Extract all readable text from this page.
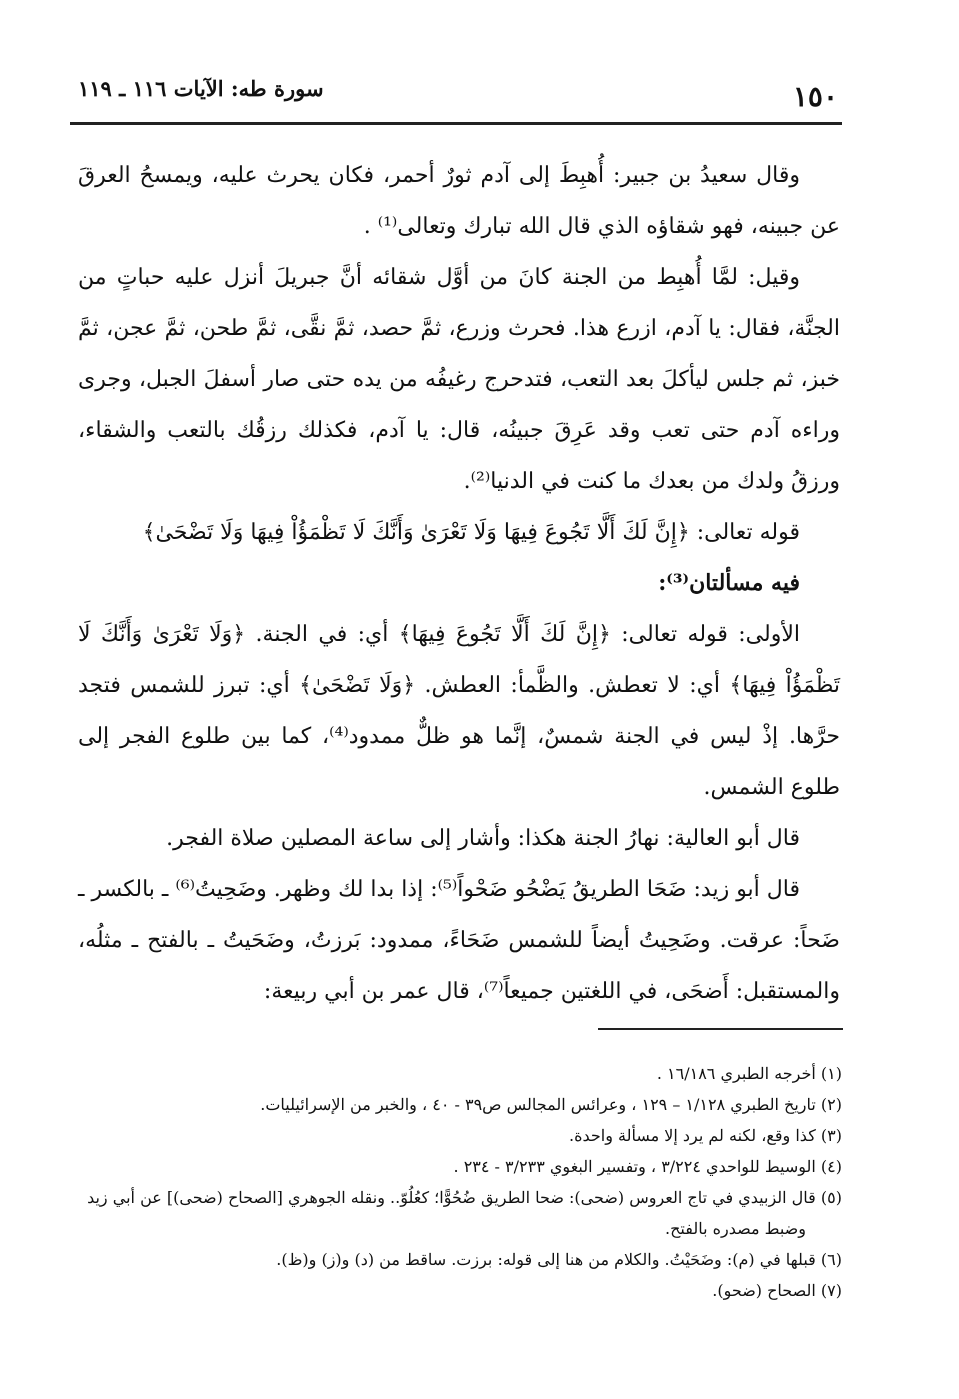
١٥٠
سورة طه: الآيات ١١٦ ـ ١١٩

وقال سعيدُ بن جبير: أُهبِطَ إلى آدم ثورٌ أحمر، فكان يحرث عليه، ويمسحُ العرقَ عن جبينه، فهو شقاؤه الذي قال الله تبارك وتعالى⁽¹⁾ .

وقيل: لمَّا أُهبِط من الجنة كانَ من أوَّل شقائه أنَّ جبريلَ أنزل عليه حباتٍ من الجنَّة، فقال: يا آدم، ازرع هذا. فحرث وزرع، ثمَّ حصد، ثمَّ نقَّى، ثمَّ طحن، ثمَّ عجن، ثمَّ خبز، ثم جلس ليأكلَ بعد التعب، فتدحرج رغيفُه من يده حتى صار أسفلَ الجبل، وجرى وراءه آدم حتى تعب وقد عَرِقَ جبينُه، قال: يا آدم، فكذلك رزقُك بالتعب والشقاء، ورزقُ ولدك من بعدك ما كنت في الدنيا⁽²⁾.

قوله تعالى: ﴿إِنَّ لَكَ أَلَّا تَجُوعَ فِيهَا وَلَا تَعْرَىٰ وَأَنَّكَ لَا تَظْمَؤُاْ فِيهَا وَلَا تَضْحَىٰ﴾

فيه مسألتان⁽³⁾:

الأولى: قوله تعالى: ﴿إِنَّ لَكَ أَلَّا تَجُوعَ فِيهَا﴾ أي: في الجنة. ﴿وَلَا تَعْرَىٰ وَأَنَّكَ لَا تَظْمَؤُاْ فِيهَا﴾ أي: لا تعطش. والظَّمأ: العطش. ﴿وَلَا تَضْحَىٰ﴾ أي: تبرز للشمس فتجد حرَّها. إذْ ليس في الجنة شمسٌ، إنَّما هو ظلٌّ ممدود⁽⁴⁾، كما بين طلوع الفجر إلى طلوع الشمس.

قال أبو العالية: نهارُ الجنة هكذا: وأشار إلى ساعة المصلين صلاة الفجر.

قال أبو زيد: ضَحَا الطريقُ يَضْحُو ضَحْواً⁽⁵⁾: إذا بدا لك وظهر. وضَحِيتُ⁽⁶⁾ ـ بالكسر ـ ضَحاً: عرقت. وضَحِيتُ أيضاً للشمس ضَحَاءً، ممدود: بَرزتُ، وضَحَيتُ ـ بالفتح ـ مثلُه، والمستقبل: أَضحَى، في اللغتين جميعاً⁽⁷⁾، قال عمر بن أبي ربيعة:

(١) أخرجه الطبري ١٦/١٨٦ .

(٢) تاريخ الطبري ١/١٢٨ – ١٢٩ ، وعرائس المجالس ص٣٩ - ٤٠ ، والخبر من الإسرائيليات.

(٣) كذا وقع، لكنه لم يرد إلا مسألة واحدة.

(٤) الوسيط للواحدي ٣/٢٢٤ ، وتفسير البغوي ٣/٢٣٣ - ٢٣٤ .

(٥) قال الزبيدي في تاج العروس (ضحى): ضحا الطريق ضُحُوًّا؛ كعُلُوّ.. ونقله الجوهري [الصحاح (ضحى)] عن أبي زيد وضبط مصدره بالفتح.

(٦) قبلها في (م): وضَحَيْتُ. والكلام من هنا إلى قوله: برزت. ساقط من (د) و(ز) و(ظ).

(٧) الصحاح (ضحو).
